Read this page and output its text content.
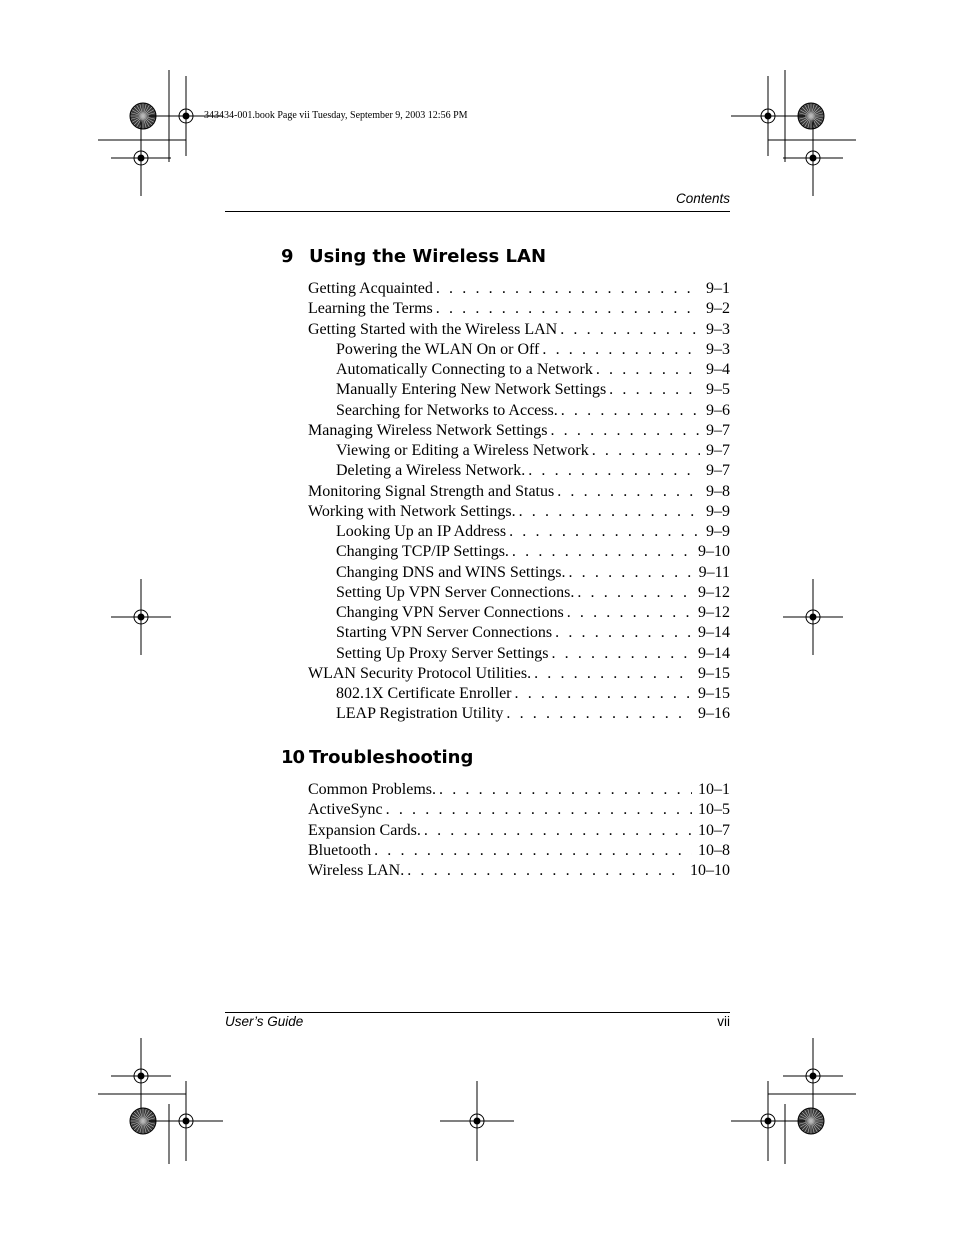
343434-001.book Page vii Tuesday, September 9, 2003 12:56 PM
Contents
9 Using the Wireless LAN
Getting Acquainted . . .	9–1
Learning the Terms . . .	9–2
Getting Started with the Wireless LAN . . .	9–3
Powering the WLAN On or Off . . .	9–3
Automatically Connecting to a Network . . .	9–4
Manually Entering New Network Settings . . .	9–5
Searching for Networks to Access. . . .	9–6
Managing Wireless Network Settings . . .	9–7
Viewing or Editing a Wireless Network . . .	9–7
Deleting a Wireless Network. . . .	9–7
Monitoring Signal Strength and Status . . .	9–8
Working with Network Settings. . . .	9–9
Looking Up an IP Address . . .	9–9
Changing TCP/IP Settings. . . .	9–10
Changing DNS and WINS Settings. . . .	9–11
Setting Up VPN Server Connections. . . .	9–12
Changing VPN Server Connections . . .	9–12
Starting VPN Server Connections . . .	9–14
Setting Up Proxy Server Settings . . .	9–14
WLAN Security Protocol Utilities. . . .	9–15
802.1X Certificate Enroller . . .	9–15
LEAP Registration Utility . . .	9–16
10 Troubleshooting
Common Problems. . . .	10–1
ActiveSync . . .	10–5
Expansion Cards. . . .	10–7
Bluetooth . . .	10–8
Wireless LAN. . . .	10–10
User’s Guide	vii
